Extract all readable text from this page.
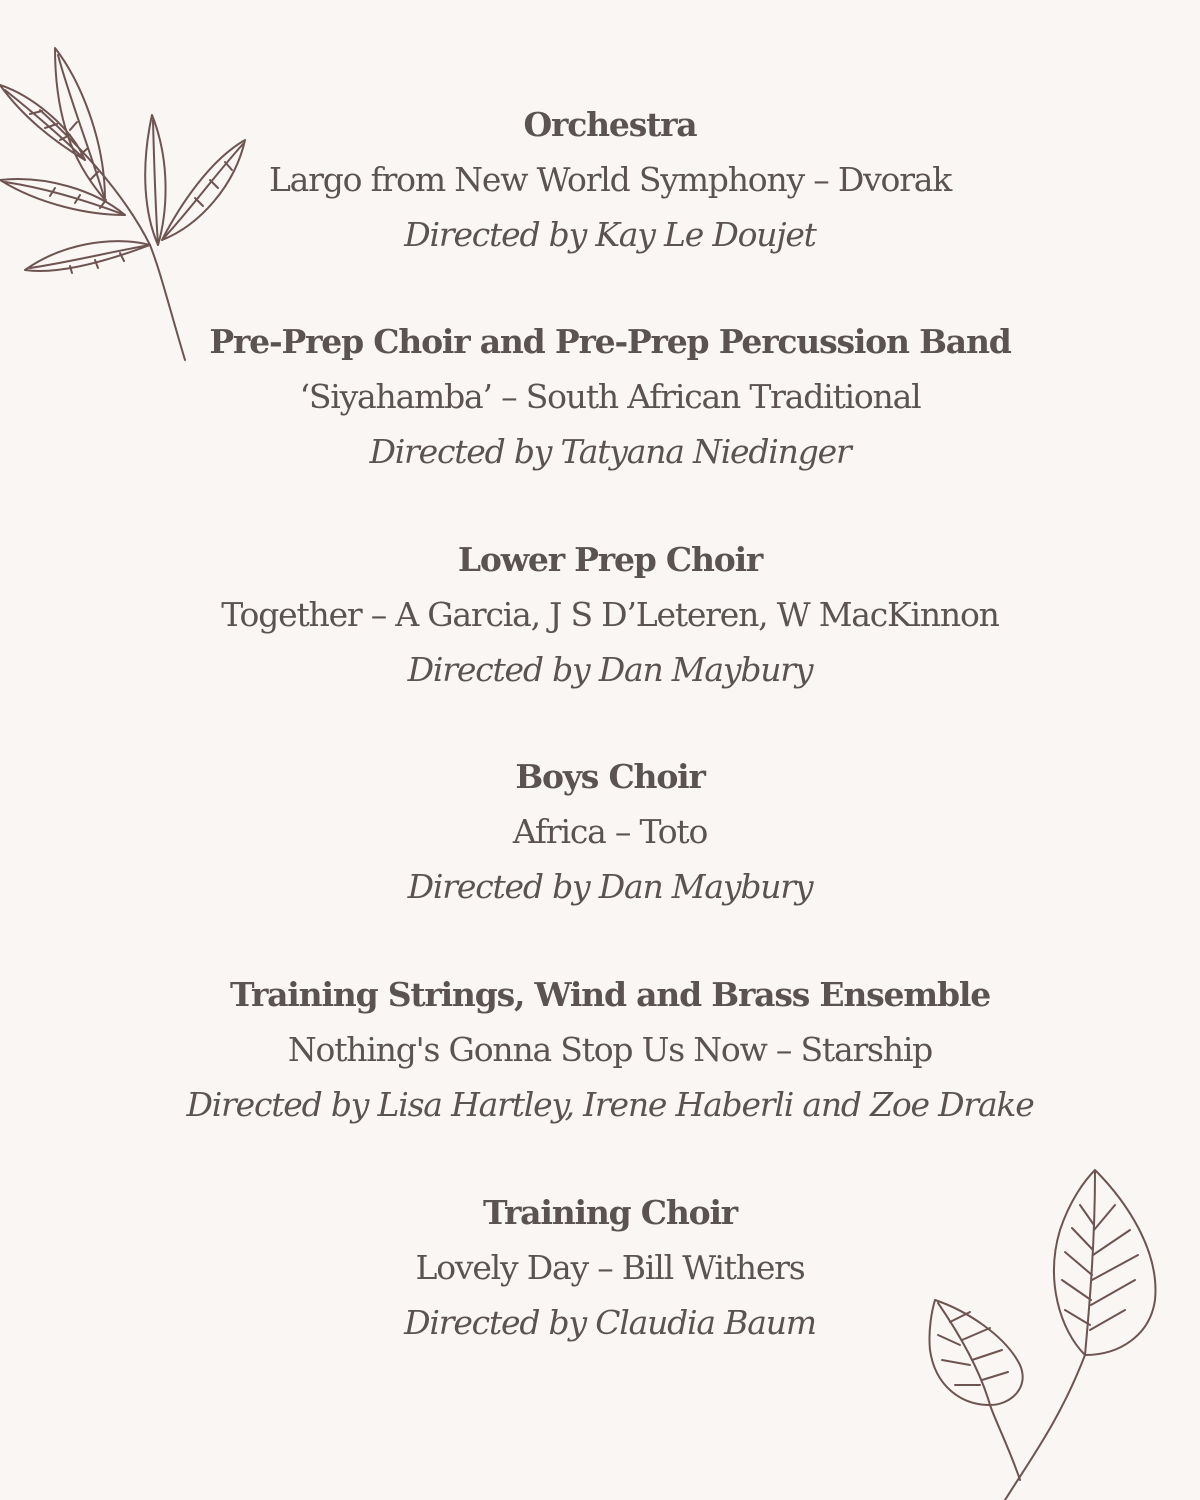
Orchestra
Largo from New World Symphony – Dvorak
Directed by Kay Le Doujet
Pre-Prep Choir and Pre-Prep Percussion Band
‘Siyahamba’ – South African Traditional
Directed by Tatyana Niedinger
Lower Prep Choir
Together – A Garcia, J S D’Leteren, W MacKinnon
Directed by Dan Maybury
Boys Choir
Africa – Toto
Directed by Dan Maybury
Training Strings, Wind and Brass Ensemble
Nothing's Gonna Stop Us Now – Starship
Directed by Lisa Hartley, Irene Haberli and Zoe Drake
Training Choir
Lovely Day – Bill Withers
Directed by Claudia Baum
